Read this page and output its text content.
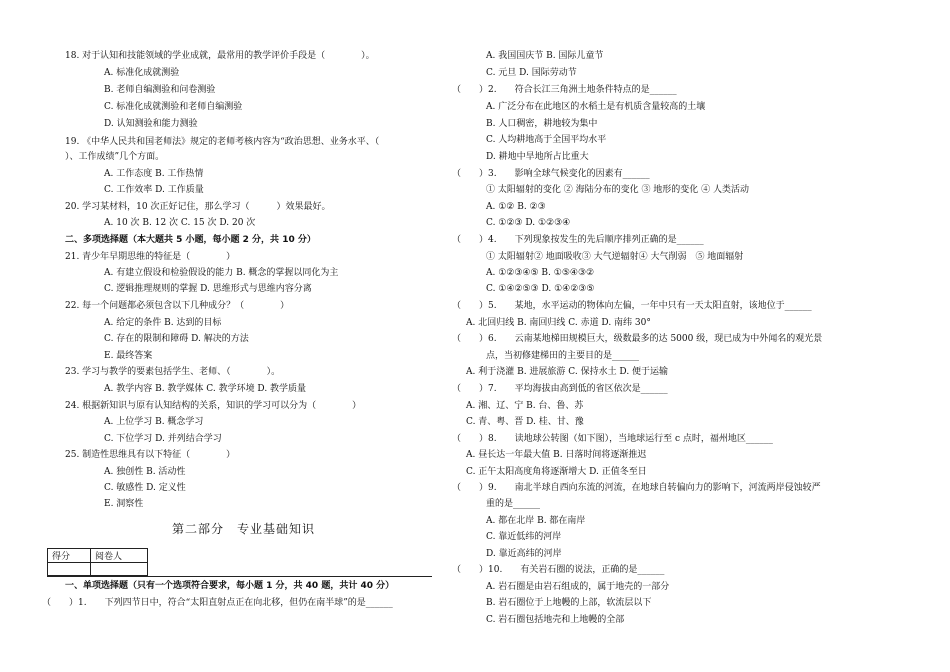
18. 对于认知和技能领域的学业成就，最常用的教学评价手段是（　　　　）。
A. 标准化成就测验
B. 老师自编测验和问卷测验
C. 标准化成就测验和老师自编测验
D. 认知测验和能力测验
19. 《中华人民共和国老师法》规定的老师考核内容为“政治思想、业务水平、（
）、工作成绩”几个方面。
A. 工作态度 B. 工作热情
C. 工作效率 D. 工作质量
20. 学习某材料，10 次正好记住，那么学习（　　　）效果最好。
A. 10 次 B. 12 次 C. 15 次 D. 20 次
二、多项选择题（本大题共 5 小题，每小题 2 分，共 10 分）
21. 青少年早期思维的特征是（　　　　）
A. 有建立假设和检验假设的能力 B. 概念的掌握以同化为主
C. 逻辑推理规则的掌握 D. 思维形式与思维内容分离
22. 每一个问题都必须包含以下几种成分？（　　　　）
A. 给定的条件 B. 达到的目标
C. 存在的限制和障碍 D. 解决的方法
E. 最终答案
23. 学习与教学的要素包括学生、老师、（　　　　）。
A. 教学内容 B. 教学媒体 C. 教学环境 D. 教学质量
24. 根据新知识与原有认知结构的关系，知识的学习可以分为（　　　　）
A. 上位学习 B. 概念学习
C. 下位学习 D. 并列结合学习
25. 制造性思维具有以下特征（　　　　）
A. 独创性 B. 活动性
C. 敏感性 D. 定义性
E. 洞察性
第二部分　专业基础知识
得分	阅卷人

一、单项选择题（只有一个选项符合要求，每小题 1 分，共 40 题，共计 40 分）
（　　）1.　　下列四节日中，符合“太阳直射点正在向北移，但仍在南半球”的是______
A. 我国国庆节 B. 国际儿童节
C. 元旦 D. 国际劳动节
（　　）2.　　符合长江三角洲土地条件特点的是______
A. 广泛分布在此地区的水稻土是有机质含量较高的土壤
B. 人口稠密，耕地较为集中
C. 人均耕地高于全国平均水平
D. 耕地中旱地所占比重大
（　　）3.　　影响全球气候变化的因素有______
① 太阳辐射的变化 ② 海陆分布的变化 ③ 地形的变化 ④ 人类活动
A. ①② B. ②③
C. ①②③ D. ①②③④
（　　）4.　　下列现象按发生的先后顺序排列正确的是______
① 太阳辐射② 地面吸收③ 大气逆辐射④ 大气削弱　⑤ 地面辐射
A. ①②③④⑤ B. ①⑤④③②
C. ①④②⑤③ D. ①④②③⑤
（　　）5.　　某地，水平运动的物体向左偏，一年中只有一天太阳直射，该地位于______
A. 北回归线 B. 南回归线 C. 赤道 D. 南纬 30°
（　　）6.　　云南某地梯田规模巨大，级数最多的达 5000 级，现已成为中外闻名的观光景
点，当初修建梯田的主要目的是______
A. 利于浇灌 B. 进展旅游 C. 保持水土 D. 便于运输
（　　）7.　　平均海拔由高到低的省区依次是______
A. 湘、辽、宁 B. 台、鲁、苏
C. 青、粤、晋 D. 桂、甘、豫
（　　）8.　　读地球公转图（如下图），当地球运行至 c 点时，福州地区______
A. 昼长达一年最大值 B. 日落时间将逐渐推迟
C. 正午太阳高度角将逐渐增大 D. 正值冬至日
（　　）9.　　南北半球自西向东流的河流，在地球自转偏向力的影响下，河流两岸侵蚀较严
重的是______
A. 都在北岸 B. 都在南岸
C. 靠近低纬的河岸
D. 靠近高纬的河岸
（　　）10.　　有关岩石圈的说法，正确的是______
A. 岩石圈是由岩石组成的，属于地壳的一部分
B. 岩石圈位于上地幔的上部，软流层以下
C. 岩石圈包括地壳和上地幔的全部
